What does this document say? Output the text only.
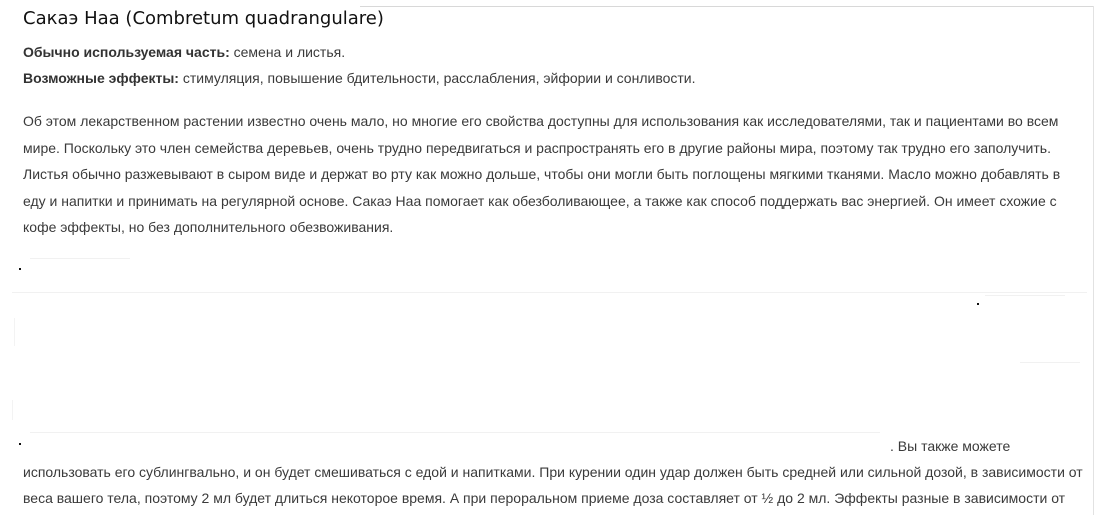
Сакаэ Наа (Combretum quadrangulare)
Обычно используемая часть: семена и листья.
Возможные эффекты: стимуляция, повышение бдительности, расслабления, эйфории и сонливости.

Об этом лекарственном растении известно очень мало, но многие его свойства доступны для использования как исследователями, так и пациентами во всем мире. Поскольку это член семейства деревьев, очень трудно передвигаться и распространять его в другие районы мира, поэтому так трудно его заполучить. Листья обычно разжевывают в сыром виде и держат во рту как можно дольше, чтобы они могли быть поглощены мягкими тканями. Масло можно добавлять в еду и напитки и принимать на регулярной основе. Сакаэ Наа помогает как обезболивающее, а также как способ поддержать вас энергией. Он имеет схожие с кофе эффекты, но без дополнительного обезвоживания.

. Вы также можете
использовать его сублингвально, и он будет смешиваться с едой и напитками. При курении один удар должен быть средней или сильной дозой, в зависимости от
веса вашего тела, поэтому 2 мл будет длиться некоторое время. А при пероральном приеме доза составляет от ½ до 2 мл. Эффекты разные в зависимости от
